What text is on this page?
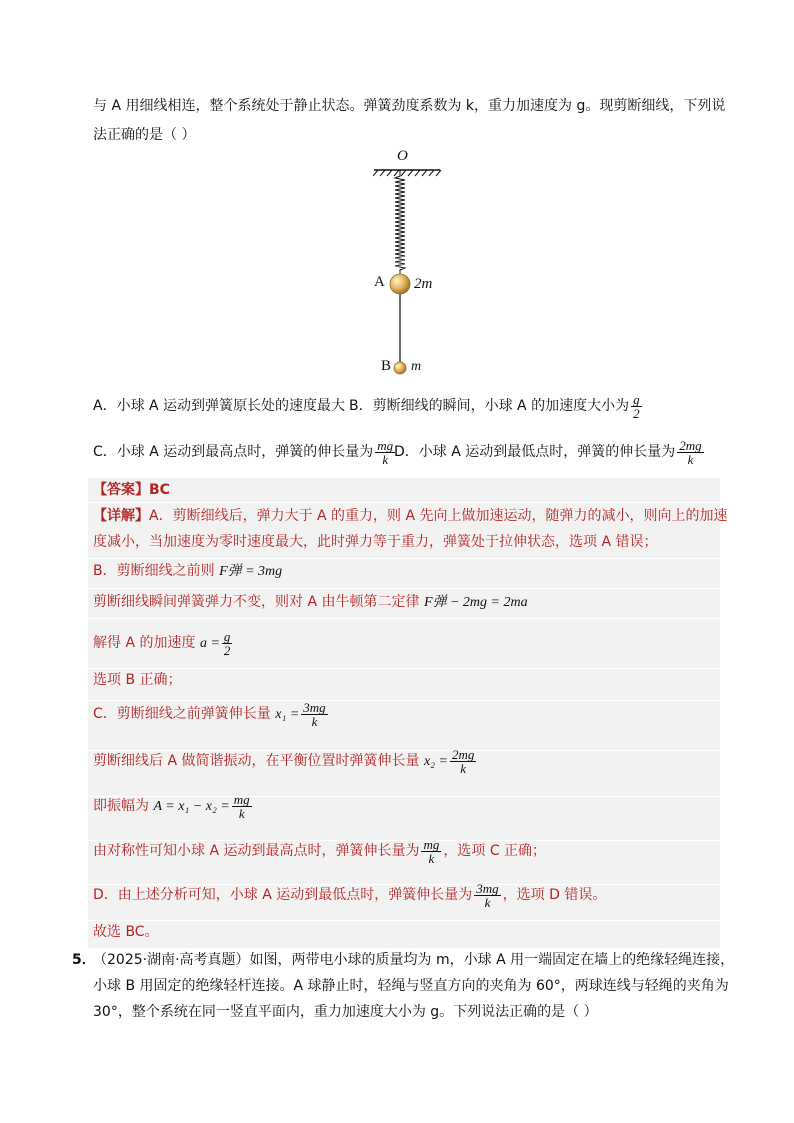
与 A 用细线相连，整个系统处于静止状态。弹簧劲度系数为 k，重力加速度为 g。现剪断细线，下列说
法正确的是（ ）
O
A 2m
B m
A．小球 A 运动到弹簧原长处的速度最大 B．剪断细线的瞬间，小球 A 的加速度大小为 $\frac{g}{2}$
C．小球 A 运动到最高点时，弹簧的伸长量为 $\frac{mg}{k}$
D．小球 A 运动到最低点时，弹簧的伸长量为 $\frac{2mg}{k}$
【答案】BC
【详解】A．剪断细线后，弹力大于 A 的重力，则 A 先向上做加速运动，随弹力的减小，则向上的加速
度减小，当加速度为零时速度最大，此时弹力等于重力，弹簧处于拉伸状态，选项 A 错误；
B．剪断细线之前则 F弹 = 3mg
剪断细线瞬间弹簧弹力不变，则对 A 由牛顿第二定律 F弹 − 2mg = 2ma
解得 A 的加速度 $a = \frac{g}{2}$
选项 B 正确；
C．剪断细线之前弹簧伸长量 $x_1 = \frac{3mg}{k}$
剪断细线后 A 做简谐振动，在平衡位置时弹簧伸长量 $x_2 = \frac{2mg}{k}$
即振幅为 $A = x_1 - x_2 = \frac{mg}{k}$
由对称性可知小球 A 运动到最高点时，弹簧伸长量为 $\frac{mg}{k}$ ，选项 C 正确；
D．由上述分析可知，小球 A 运动到最低点时，弹簧伸长量为 $\frac{3mg}{k}$ ，选项 D 错误。
故选 BC。
5．
（2025·湖南·高考真题）如图，两带电小球的质量均为 m，小球 A 用一端固定在墙上的绝缘轻绳连接，
小球 B 用固定的绝缘轻杆连接。A 球静止时，轻绳与竖直方向的夹角为 60°，两球连线与轻绳的夹角为
30°，整个系统在同一竖直平面内，重力加速度大小为 g。下列说法正确的是（ ）
